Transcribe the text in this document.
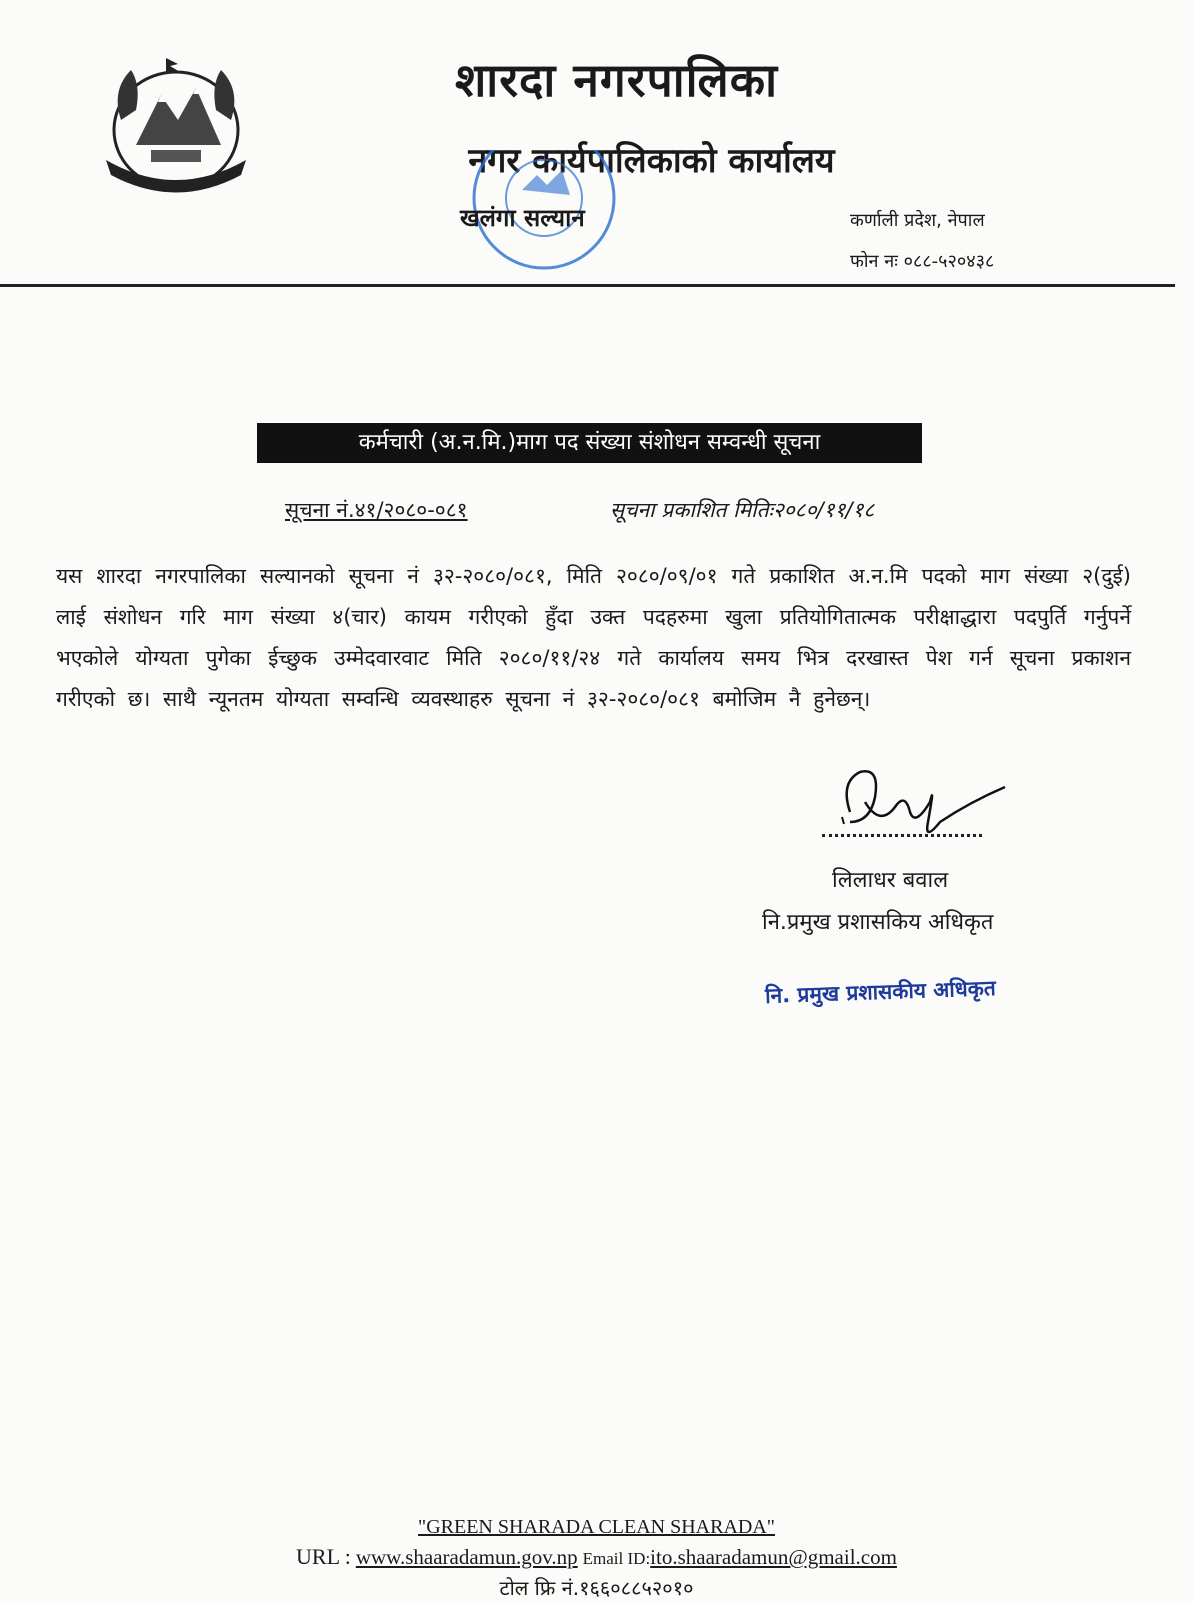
शारदा नगरपालिका
नगर कार्यपालिकाको कार्यालय
खलंगा सल्यान	कर्णाली प्रदेश, नेपाल
फोन नः ०८८-५२०४३८
कर्मचारी (अ.न.मि.)माग पद संख्या संशोधन सम्वन्धी सूचना
सूचना नं.४१/२०८०-०८१	सूचना प्रकाशित मितिः२०८०/११/१८
यस शारदा नगरपालिका सल्यानको सूचना नं ३२-२०८०/०८१, मिति २०८०/०९/०१ गते प्रकाशित अ.न.मि पदको माग संख्या २(दुई) लाई संशोधन गरि माग संख्या ४(चार) कायम गरीएको हुँदा उक्त पदहरुमा खुला प्रतियोगितात्मक परीक्षाद्धारा पदपुर्ति गर्नुपर्ने भएकोले योग्यता पुगेका ईच्छुक उम्मेदवारवाट मिति २०८०/११/२४ गते कार्यालय समय भित्र दरखास्त पेश गर्न सूचना प्रकाशन गरीएको छ। साथै न्यूनतम योग्यता सम्वन्धि व्यवस्थाहरु सूचना नं ३२-२०८०/०८१ बमोजिम नै हुनेछन्।
लिलाधर बवाल
नि.प्रमुख प्रशासकिय अधिकृत
नि. प्रमुख प्रशासकीय अधिकृत
"GREEN SHARADA CLEAN SHARADA"
URL : www.shaaradamun.gov.np Email ID:ito.shaaradamun@gmail.com
टोल फ्रि नं.१६६०८८५२०१०
